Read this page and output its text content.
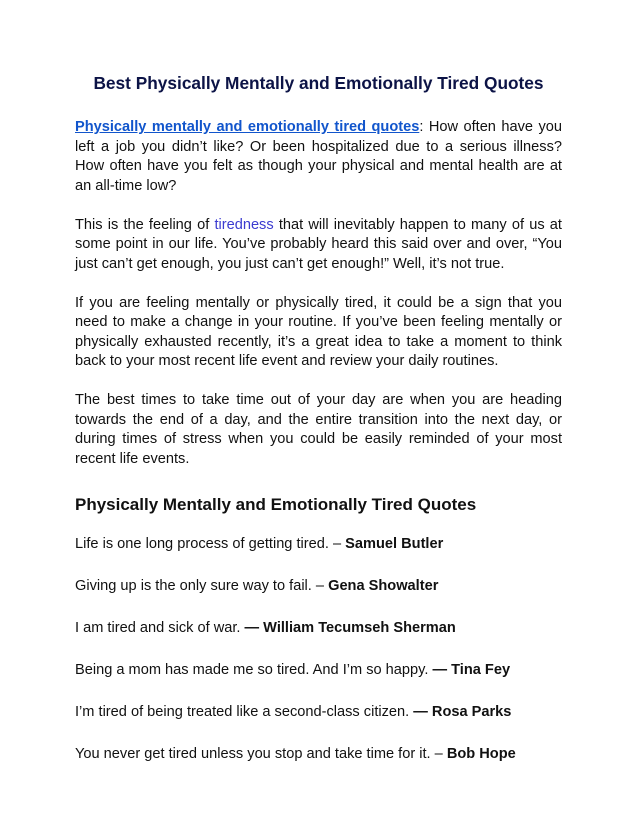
Best Physically Mentally and Emotionally Tired Quotes

Physically mentally and emotionally tired quotes: How often have you left a job you didn’t like? Or been hospitalized due to a serious illness? How often have you felt as though your physical and mental health are at an all-time low?

This is the feeling of tiredness that will inevitably happen to many of us at some point in our life. You’ve probably heard this said over and over, “You just can’t get enough, you just can’t get enough!” Well, it’s not true.

If you are feeling mentally or physically tired, it could be a sign that you need to make a change in your routine. If you’ve been feeling mentally or physically exhausted recently, it’s a great idea to take a moment to think back to your most recent life event and review your daily routines.

The best times to take time out of your day are when you are heading towards the end of a day, and the entire transition into the next day, or during times of stress when you could be easily reminded of your most recent life events.

Physically Mentally and Emotionally Tired Quotes

Life is one long process of getting tired. – Samuel Butler

Giving up is the only sure way to fail. – Gena Showalter

I am tired and sick of war. — William Tecumseh Sherman

Being a mom has made me so tired. And I’m so happy. — Tina Fey

I’m tired of being treated like a second-class citizen. — Rosa Parks

You never get tired unless you stop and take time for it. – Bob Hope
